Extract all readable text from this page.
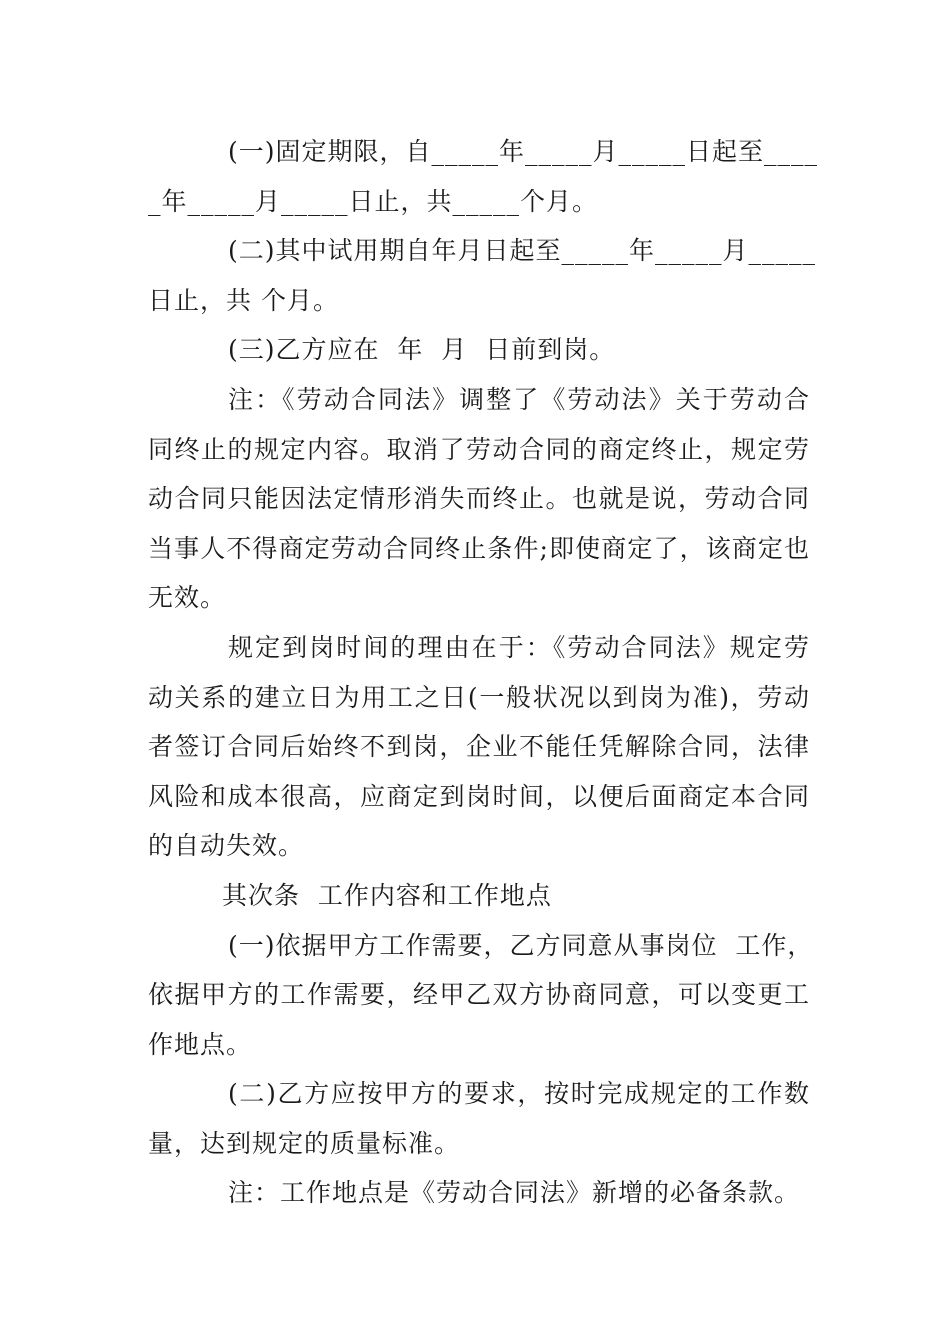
(一)固定期限，自_____年_____月_____日起至____
_年_____月_____日止，共_____个月。
(二)其中试用期自年月日起至_____年_____月_____
日止，共 个月。
(三)乙方应在  年  月  日前到岗。
注：《劳动合同法》调整了《劳动法》关于劳动合
同终止的规定内容。取消了劳动合同的商定终止，规定劳
动合同只能因法定情形消失而终止。也就是说，劳动合同
当事人不得商定劳动合同终止条件;即使商定了，该商定也
无效。
规定到岗时间的理由在于：《劳动合同法》规定劳
动关系的建立日为用工之日(一般状况以到岗为准)，劳动
者签订合同后始终不到岗，企业不能任凭解除合同，法律
风险和成本很高，应商定到岗时间，以便后面商定本合同
的自动失效。
其次条  工作内容和工作地点
(一)依据甲方工作需要，乙方同意从事岗位  工作，
依据甲方的工作需要，经甲乙双方协商同意，可以变更工
作地点。
(二)乙方应按甲方的要求，按时完成规定的工作数
量，达到规定的质量标准。
注：工作地点是《劳动合同法》新增的必备条款。
